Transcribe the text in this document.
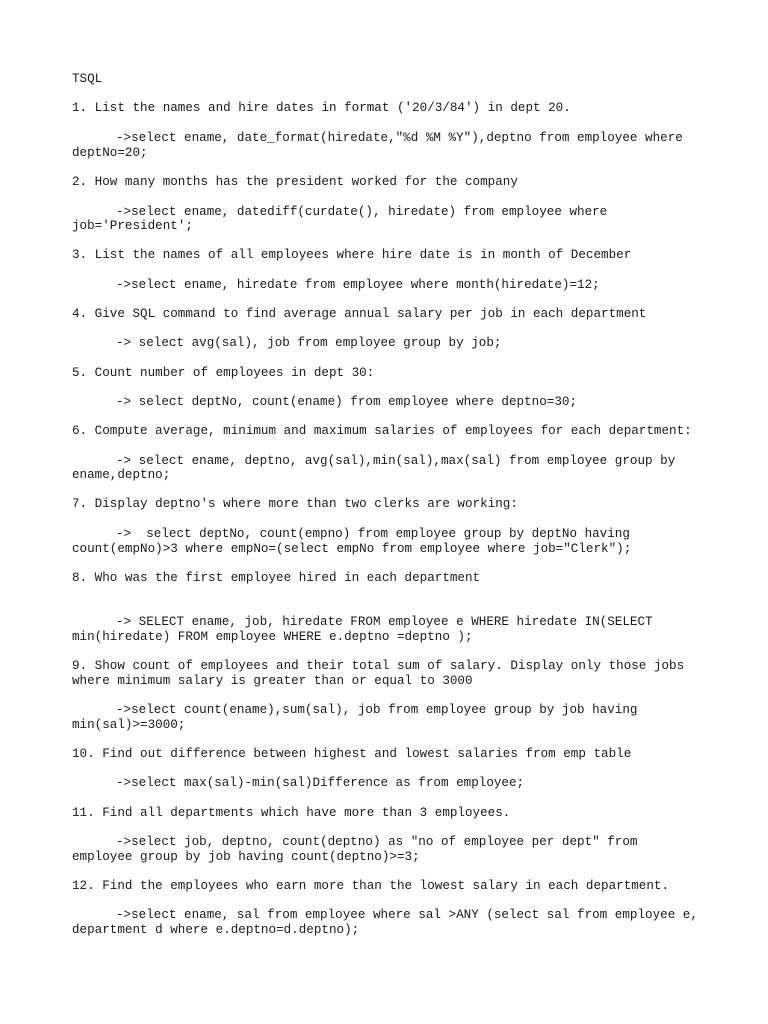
TSQL

1. List the names and hire dates in format ('20/3/84') in dept 20.

->select ename, date_format(hiredate,"%d %M %Y"),deptno from employee where

deptNo=20;

2. How many months has the president worked for the company

->select ename, datediff(curdate(), hiredate) from employee where

job='President';

3. List the names of all employees where hire date is in month of December

->select ename, hiredate from employee where month(hiredate)=12;

4. Give SQL command to find average annual salary per job in each department

-> select avg(sal), job from employee group by job;

5. Count number of employees in dept 30:

-> select deptNo, count(ename) from employee where deptno=30;

6. Compute average, minimum and maximum salaries of employees for each department:

-> select ename, deptno, avg(sal),min(sal),max(sal) from employee group by

ename,deptno;

7. Display deptno's where more than two clerks are working:

->  select deptNo, count(empno) from employee group by deptNo having

count(empNo)>3 where empNo=(select empNo from employee where job="Clerk");

8. Who was the first employee hired in each department

-> SELECT ename, job, hiredate FROM employee e WHERE hiredate IN(SELECT

min(hiredate) FROM employee WHERE e.deptno =deptno );

9. Show count of employees and their total sum of salary. Display only those jobs

where minimum salary is greater than or equal to 3000

->select count(ename),sum(sal), job from employee group by job having

min(sal)>=3000;

10. Find out difference between highest and lowest salaries from emp table

->select max(sal)-min(sal)Difference as from employee;

11. Find all departments which have more than 3 employees.

->select job, deptno, count(deptno) as "no of employee per dept" from

employee group by job having count(deptno)>=3;

12. Find the employees who earn more than the lowest salary in each department.

->select ename, sal from employee where sal >ANY (select sal from employee e,

department d where e.deptno=d.deptno);
